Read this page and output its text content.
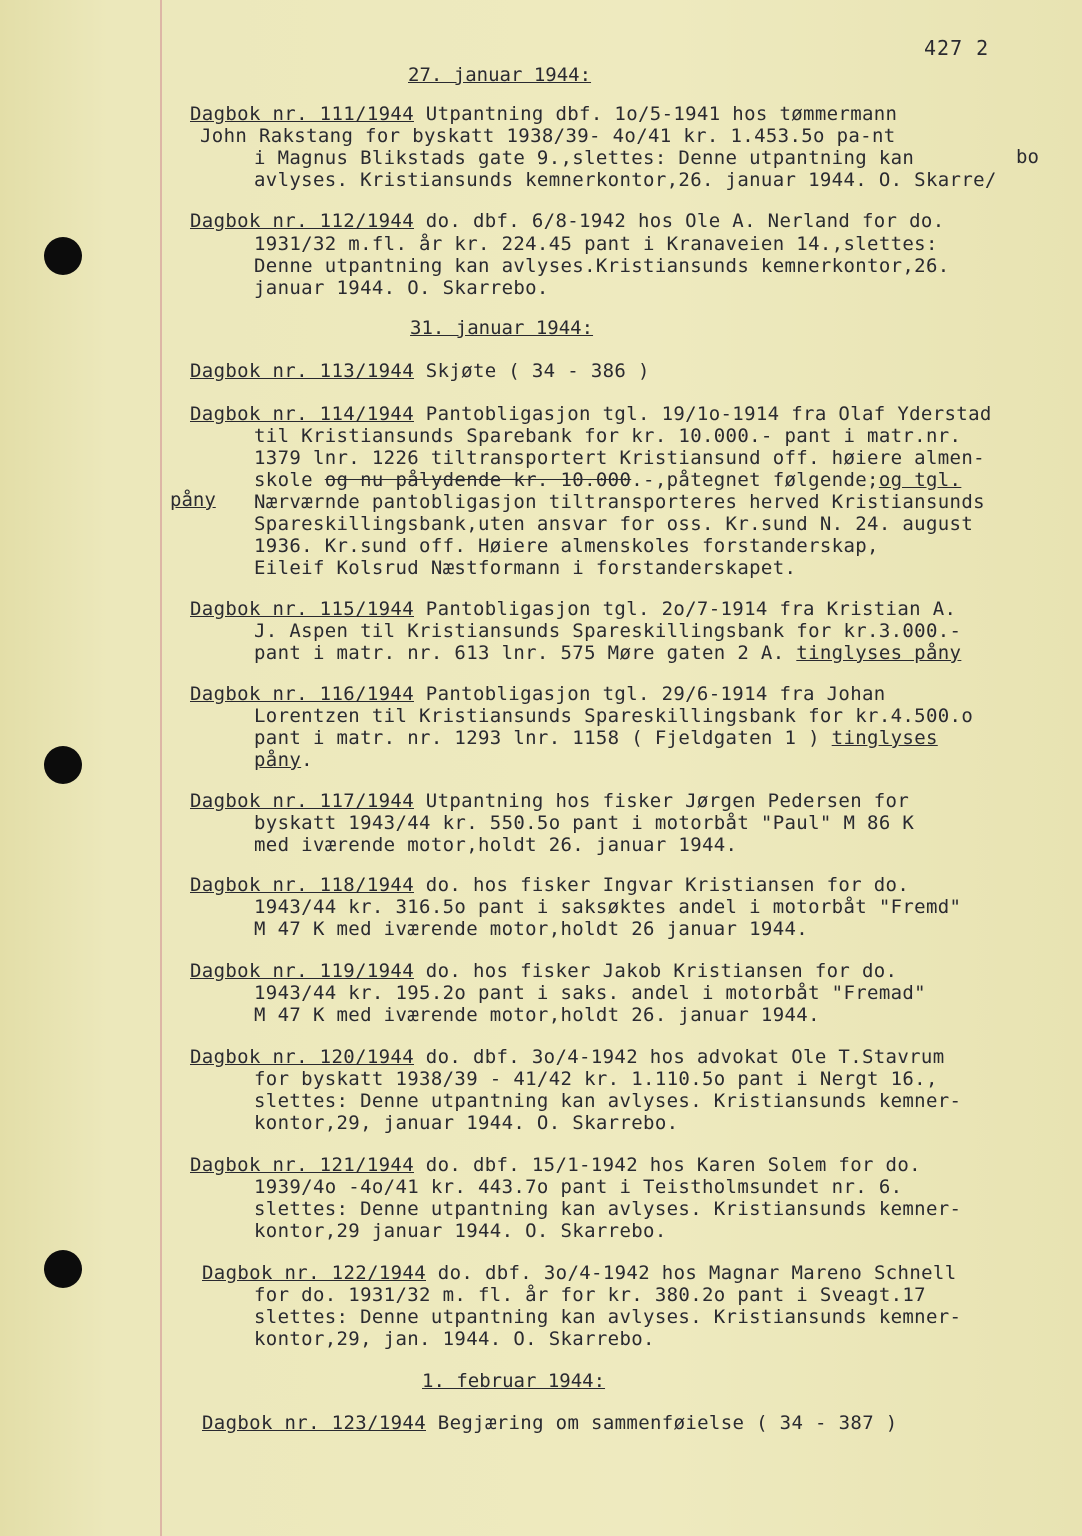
427 2
27. januar 1944:
Dagbok nr. 111/1944 Utpantning dbf. 1o/5-1941 hos tømmermann
John Rakstang for byskatt 1938/39- 4o/41 kr. 1.453.5o pa-nt
i Magnus Blikstads gate 9.,slettes: Denne utpantning kan
avlyses. Kristiansunds kemnerkontor,26. januar 1944. O. Skarre/
bo
Dagbok nr. 112/1944 do. dbf. 6/8-1942 hos Ole A. Nerland for do.
1931/32 m.fl. år kr. 224.45 pant i Kranaveien 14.,slettes:
Denne utpantning kan avlyses.Kristiansunds kemnerkontor,26.
januar 1944. O. Skarrebo.
31. januar 1944:
Dagbok nr. 113/1944 Skjøte ( 34 - 386 )
Dagbok nr. 114/1944 Pantobligasjon tgl. 19/1o-1914 fra Olaf Yderstad
til Kristiansunds Sparebank for kr. 10.000.- pant i matr.nr.
1379 lnr. 1226 tiltransportert Kristiansund off. høiere almen-
skole og nu pålydende kr. 10.000.-,påtegnet følgende;og tgl.
påny Nærværnde pantobligasjon tiltransporteres herved Kristiansunds
Spareskillingsbank,uten ansvar for oss. Kr.sund N. 24. august
1936. Kr.sund off. Høiere almenskoles forstanderskap,
Eileif Kolsrud Næstformann i forstanderskapet.
Dagbok nr. 115/1944 Pantobligasjon tgl. 2o/7-1914 fra Kristian A.
J. Aspen til Kristiansunds Spareskillingsbank for kr.3.000.-
pant i matr. nr. 613 lnr. 575 Møre gaten 2 A. tinglyses påny
Dagbok nr. 116/1944 Pantobligasjon tgl. 29/6-1914 fra Johan
Lorentzen til Kristiansunds Spareskillingsbank for kr.4.500.o
pant i matr. nr. 1293 lnr. 1158 ( Fjeldgaten 1 ) tinglyses
påny.
Dagbok nr. 117/1944 Utpantning hos fisker Jørgen Pedersen for
byskatt 1943/44 kr. 550.5o pant i motorbåt "Paul" M 86 K
med iværende motor,holdt 26. januar 1944.
Dagbok nr. 118/1944 do. hos fisker Ingvar Kristiansen for do.
1943/44 kr. 316.5o pant i saksøktes andel i motorbåt "Fremd"
M 47 K med iværende motor,holdt 26 januar 1944.
Dagbok nr. 119/1944 do. hos fisker Jakob Kristiansen for do.
1943/44 kr. 195.2o pant i saks. andel i motorbåt "Fremad"
M 47 K med iværende motor,holdt 26. januar 1944.
Dagbok nr. 120/1944 do. dbf. 3o/4-1942 hos advokat Ole T.Stavrum
for byskatt 1938/39 - 41/42 kr. 1.110.5o pant i Nergt 16.,
slettes: Denne utpantning kan avlyses. Kristiansunds kemner-
kontor,29, januar 1944. O. Skarrebo.
Dagbok nr. 121/1944 do. dbf. 15/1-1942 hos Karen Solem for do.
1939/4o -4o/41 kr. 443.7o pant i Teistholmsundet nr. 6.
slettes: Denne utpantning kan avlyses. Kristiansunds kemner-
kontor,29 januar 1944. O. Skarrebo.
Dagbok nr. 122/1944 do. dbf. 3o/4-1942 hos Magnar Mareno Schnell
for do. 1931/32 m. fl. år for kr. 380.2o pant i Sveagt.17
slettes: Denne utpantning kan avlyses. Kristiansunds kemner-
kontor,29, jan. 1944. O. Skarrebo.
1. februar 1944:
Dagbok nr. 123/1944 Begjæring om sammenføielse ( 34 - 387 )
